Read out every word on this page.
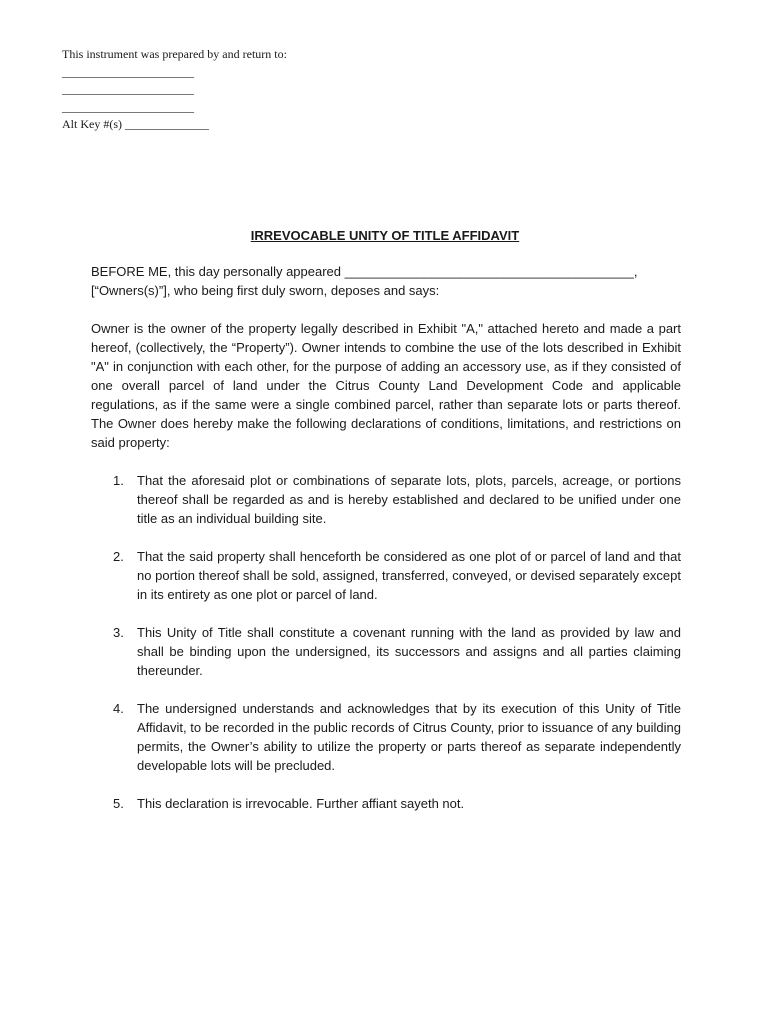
This instrument was prepared by and return to:
______________________
______________________
______________________
Alt Key #(s) ______________
IRREVOCABLE UNITY OF TITLE AFFIDAVIT
BEFORE ME, this day personally appeared ________________________________________,
[“Owners(s)”], who being first duly sworn, deposes and says:
Owner is the owner of the property legally described in Exhibit "A," attached hereto and made a part hereof, (collectively, the “Property”). Owner intends to combine the use of the lots described in Exhibit "A" in conjunction with each other, for the purpose of adding an accessory use, as if they consisted of one overall parcel of land under the Citrus County Land Development Code and applicable regulations, as if the same were a single combined parcel, rather than separate lots or parts thereof. The Owner does hereby make the following declarations of conditions, limitations, and restrictions on said property:
1. That the aforesaid plot or combinations of separate lots, plots, parcels, acreage, or portions thereof shall be regarded as and is hereby established and declared to be unified under one title as an individual building site.
2. That the said property shall henceforth be considered as one plot of or parcel of land and that no portion thereof shall be sold, assigned, transferred, conveyed, or devised separately except in its entirety as one plot or parcel of land.
3. This Unity of Title shall constitute a covenant running with the land as provided by law and shall be binding upon the undersigned, its successors and assigns and all parties claiming thereunder.
4. The undersigned understands and acknowledges that by its execution of this Unity of Title Affidavit, to be recorded in the public records of Citrus County, prior to issuance of any building permits, the Owner’s ability to utilize the property or parts thereof as separate independently developable lots will be precluded.
5. This declaration is irrevocable. Further affiant sayeth not.
